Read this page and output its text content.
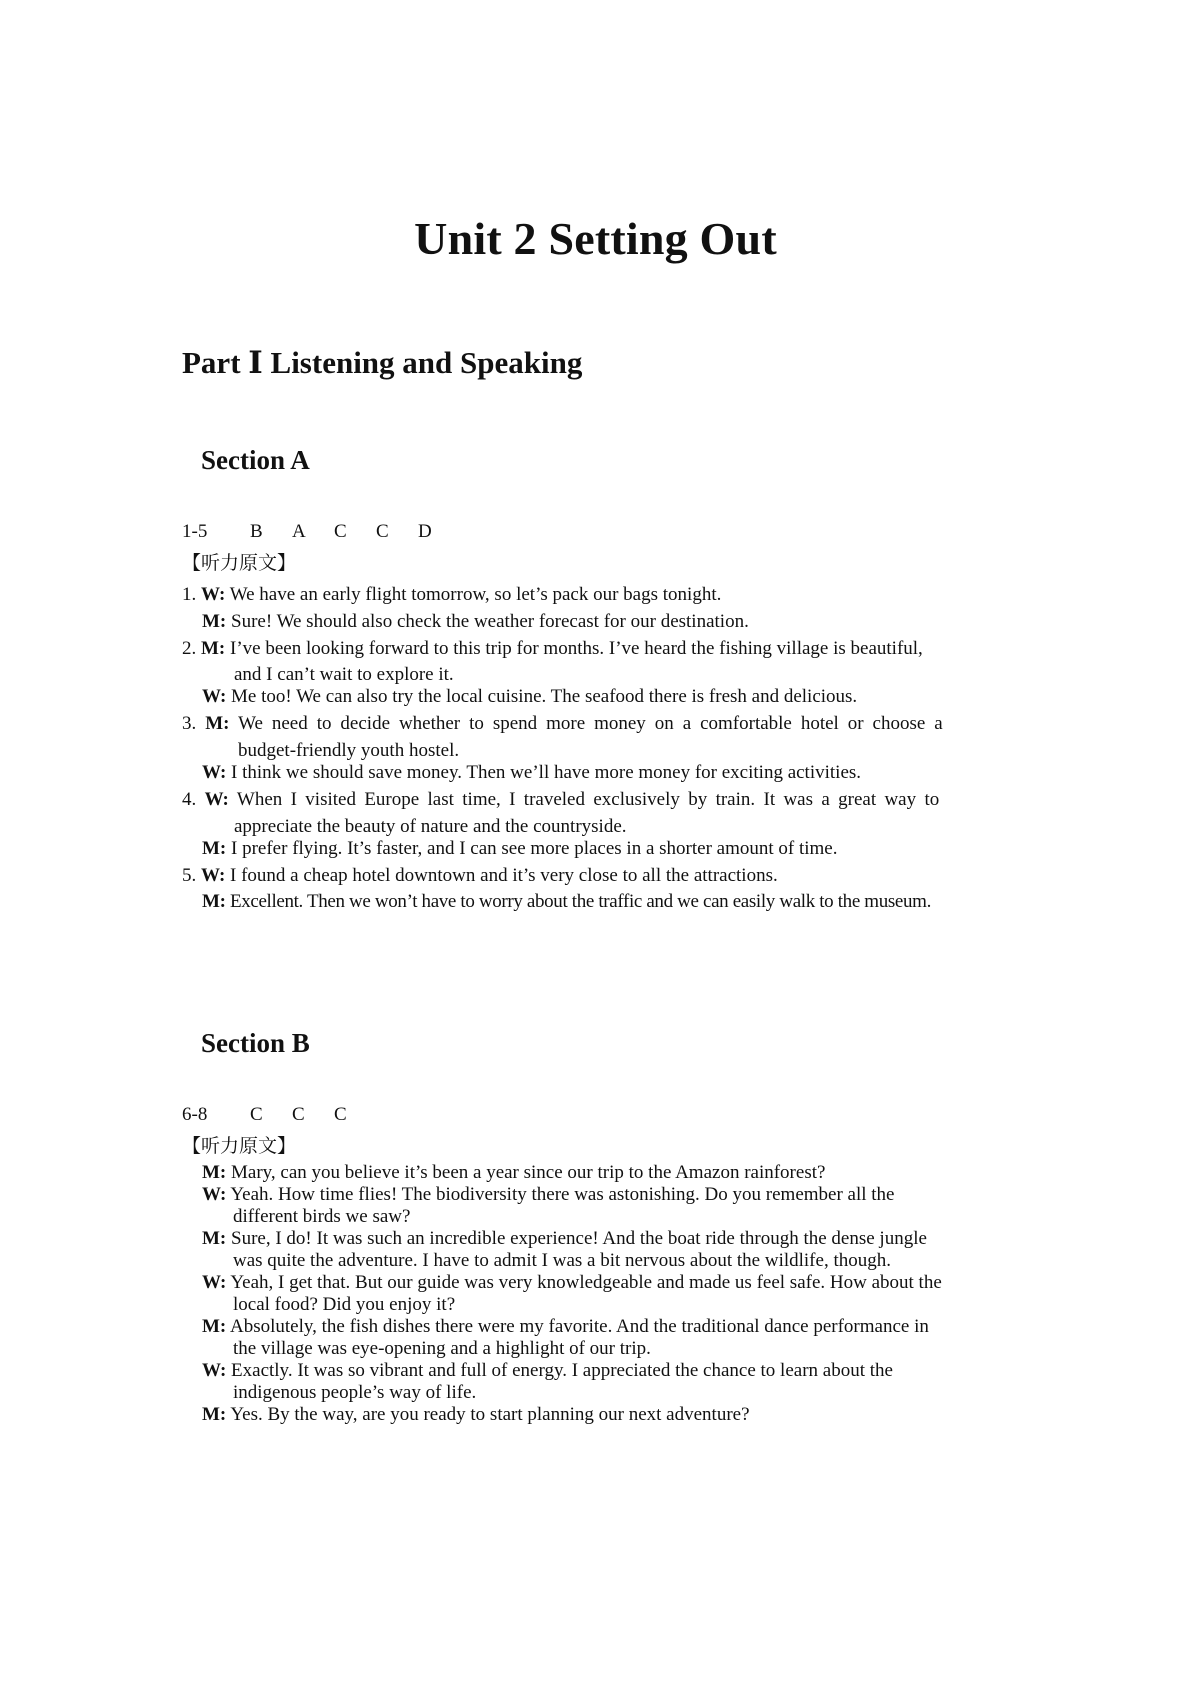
Unit 2 Setting Out
Part Ⅰ Listening and Speaking
Section A
1-5 B A C C D
【听力原文】
1. W: We have an early flight tomorrow, so let’s pack our bags tonight.
M: Sure! We should also check the weather forecast for our destination.
2. M: I’ve been looking forward to this trip for months. I’ve heard the fishing village is beautiful,
and I can’t wait to explore it.
W: Me too! We can also try the local cuisine. The seafood there is fresh and delicious.
3. M: We need to decide whether to spend more money on a comfortable hotel or choose a
budget-friendly youth hostel.
W: I think we should save money. Then we’ll have more money for exciting activities.
4. W: When I visited Europe last time, I traveled exclusively by train. It was a great way to
appreciate the beauty of nature and the countryside.
M: I prefer flying. It’s faster, and I can see more places in a shorter amount of time.
5. W: I found a cheap hotel downtown and it’s very close to all the attractions.
M: Excellent. Then we won’t have to worry about the traffic and we can easily walk to the museum.
Section B
6-8 C C C
【听力原文】
M: Mary, can you believe it’s been a year since our trip to the Amazon rainforest?
W: Yeah. How time flies! The biodiversity there was astonishing. Do you remember all the
different birds we saw?
M: Sure, I do! It was such an incredible experience! And the boat ride through the dense jungle
was quite the adventure. I have to admit I was a bit nervous about the wildlife, though.
W: Yeah, I get that. But our guide was very knowledgeable and made us feel safe. How about the
local food? Did you enjoy it?
M: Absolutely, the fish dishes there were my favorite. And the traditional dance performance in
the village was eye-opening and a highlight of our trip.
W: Exactly. It was so vibrant and full of energy. I appreciated the chance to learn about the
indigenous people’s way of life.
M: Yes. By the way, are you ready to start planning our next adventure?
